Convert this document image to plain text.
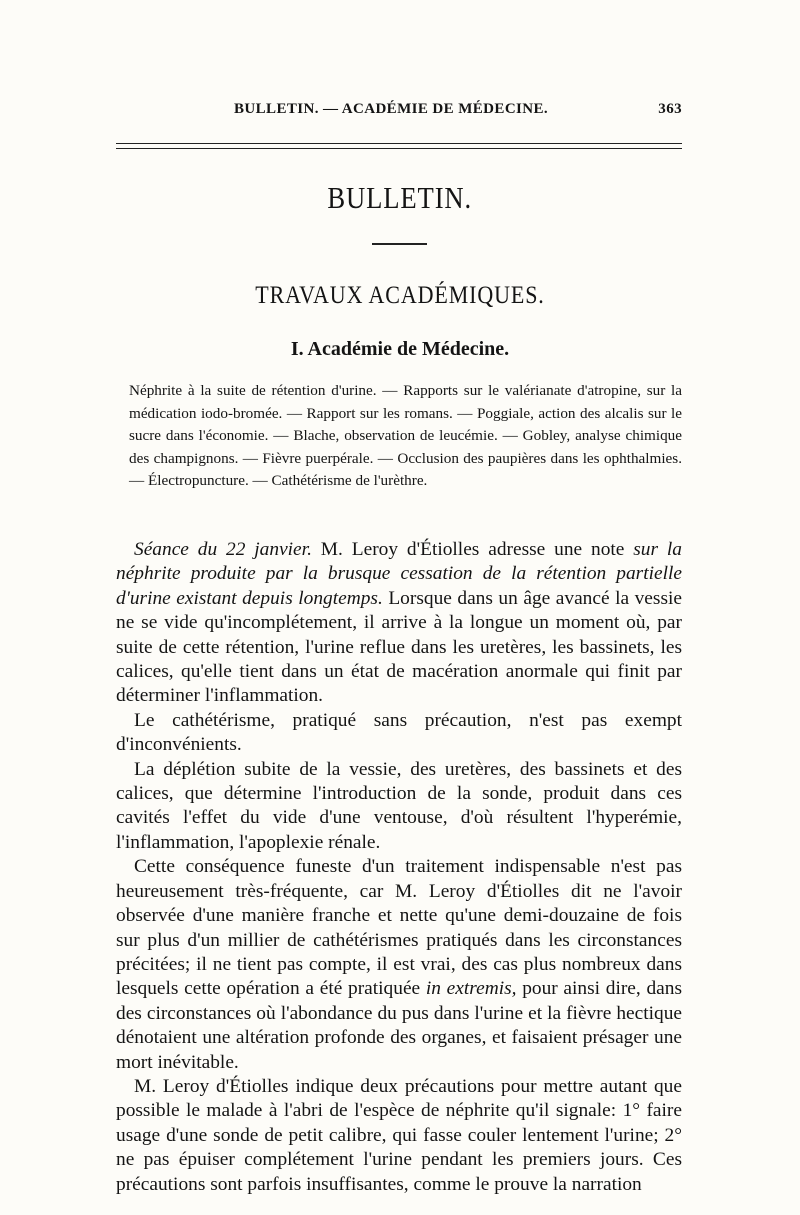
BULLETIN. — ACADÉMIE DE MÉDECINE.	363
BULLETIN.
TRAVAUX ACADÉMIQUES.
I. Académie de Médecine.
Néphrite à la suite de rétention d'urine. — Rapports sur le valérianate d'atropine, sur la médication iodo-bromée. — Rapport sur les romans. — Poggiale, action des alcalis sur le sucre dans l'économie. — Blache, observation de leucémie. — Gobley, analyse chimique des champignons. — Fièvre puerpérale. — Occlusion des paupières dans les ophthalmies. — Électropuncture. — Cathétérisme de l'urèthre.

Séance du 22 janvier. M. Leroy d'Étiolles adresse une note sur la néphrite produite par la brusque cessation de la rétention partielle d'urine existant depuis longtemps. Lorsque dans un âge avancé la vessie ne se vide qu'incomplétement, il arrive à la longue un moment où, par suite de cette rétention, l'urine reflue dans les uretères, les bassinets, les calices, qu'elle tient dans un état de macération anormale qui finit par déterminer l'inflammation.

Le cathétérisme, pratiqué sans précaution, n'est pas exempt d'inconvénients.

La déplétion subite de la vessie, des uretères, des bassinets et des calices, que détermine l'introduction de la sonde, produit dans ces cavités l'effet du vide d'une ventouse, d'où résultent l'hyperémie, l'inflammation, l'apoplexie rénale.

Cette conséquence funeste d'un traitement indispensable n'est pas heureusement très-fréquente, car M. Leroy d'Étiolles dit ne l'avoir observée d'une manière franche et nette qu'une demi-douzaine de fois sur plus d'un millier de cathétérismes pratiqués dans les circonstances précitées; il ne tient pas compte, il est vrai, des cas plus nombreux dans lesquels cette opération a été pratiquée in extremis, pour ainsi dire, dans des circonstances où l'abondance du pus dans l'urine et la fièvre hectique dénotaient une altération profonde des organes, et faisaient présager une mort inévitable.

M. Leroy d'Étiolles indique deux précautions pour mettre autant que possible le malade à l'abri de l'espèce de néphrite qu'il signale: 1° faire usage d'une sonde de petit calibre, qui fasse couler lentement l'urine; 2° ne pas épuiser complétement l'urine pendant les premiers jours. Ces précautions sont parfois insuffisantes, comme le prouve la narration
